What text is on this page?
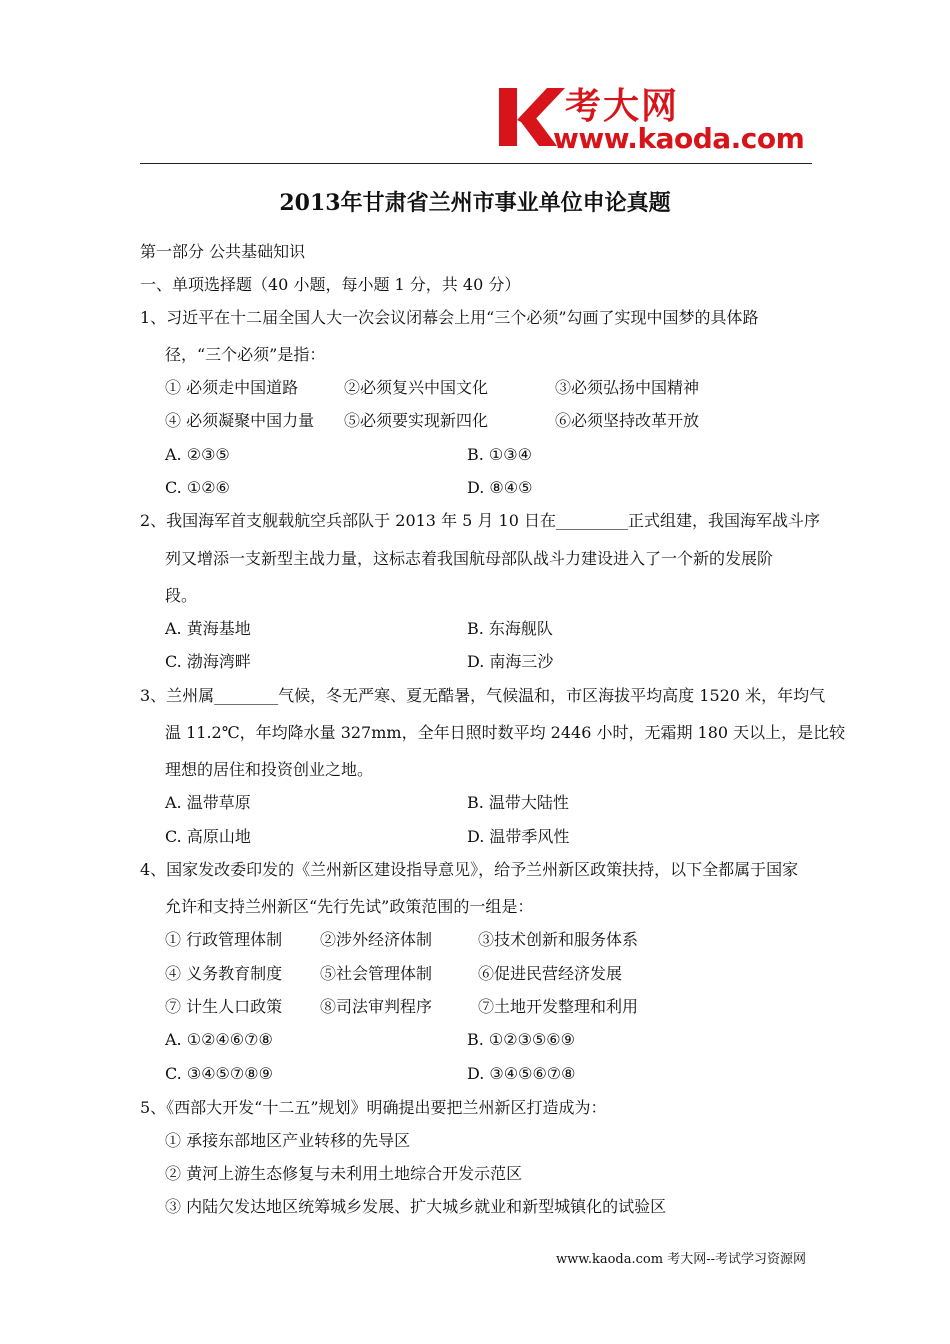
考大网
www.kaoda.com
2013年甘肃省兰州市事业单位申论真题
第一部分 公共基础知识
一、单项选择题（40 小题，每小题 1 分，共 40 分）
1、习近平在十二届全国人大一次会议闭幕会上用“三个必须”勾画了实现中国梦的具体路
径，“三个必须”是指：
① 必须走中国道路	②必须复兴中国文化	③必须弘扬中国精神
④ 必须凝聚中国力量 ⑤必须要实现新四化	⑥必须坚持改革开放
A. ②③⑤	B. ①③④
C. ①②⑥	D. ⑧④⑤
2、我国海军首支舰载航空兵部队于 2013 年 5 月 10 日在_________正式组建，我国海军战斗序
列又增添一支新型主战力量，这标志着我国航母部队战斗力建设进入了一个新的发展阶
段。
A. 黄海基地	B. 东海舰队
C. 渤海湾畔	D. 南海三沙
3、兰州属________气候，冬无严寒、夏无酷暑，气候温和，市区海拔平均高度 1520 米，年均气
温 11.2℃，年均降水量 327mm，全年日照时数平均 2446 小时，无霜期 180 天以上，是比较
理想的居住和投资创业之地。
A. 温带草原	B. 温带大陆性
C. 高原山地	D. 温带季风性
4、国家发改委印发的《兰州新区建设指导意见》，给予兰州新区政策扶持，以下全都属于国家
允许和支持兰州新区“先行先试”政策范围的一组是：
① 行政管理体制 ②涉外经济体制	③技术创新和服务体系
④ 义务教育制度 ⑤社会管理体制	⑥促进民营经济发展
⑦ 计生人口政策 ⑧司法审判程序	⑦土地开发整理和利用
A. ①②④⑥⑦⑧	B. ①②③⑤⑥⑨
C. ③④⑤⑦⑧⑨	D. ③④⑤⑥⑦⑧
5、《西部大开发“十二五”规划》明确提出要把兰州新区打造成为：
① 承接东部地区产业转移的先导区
② 黄河上游生态修复与未利用土地综合开发示范区
③ 内陆欠发达地区统筹城乡发展、扩大城乡就业和新型城镇化的试验区
www.kaoda.com 考大网--考试学习资源网
